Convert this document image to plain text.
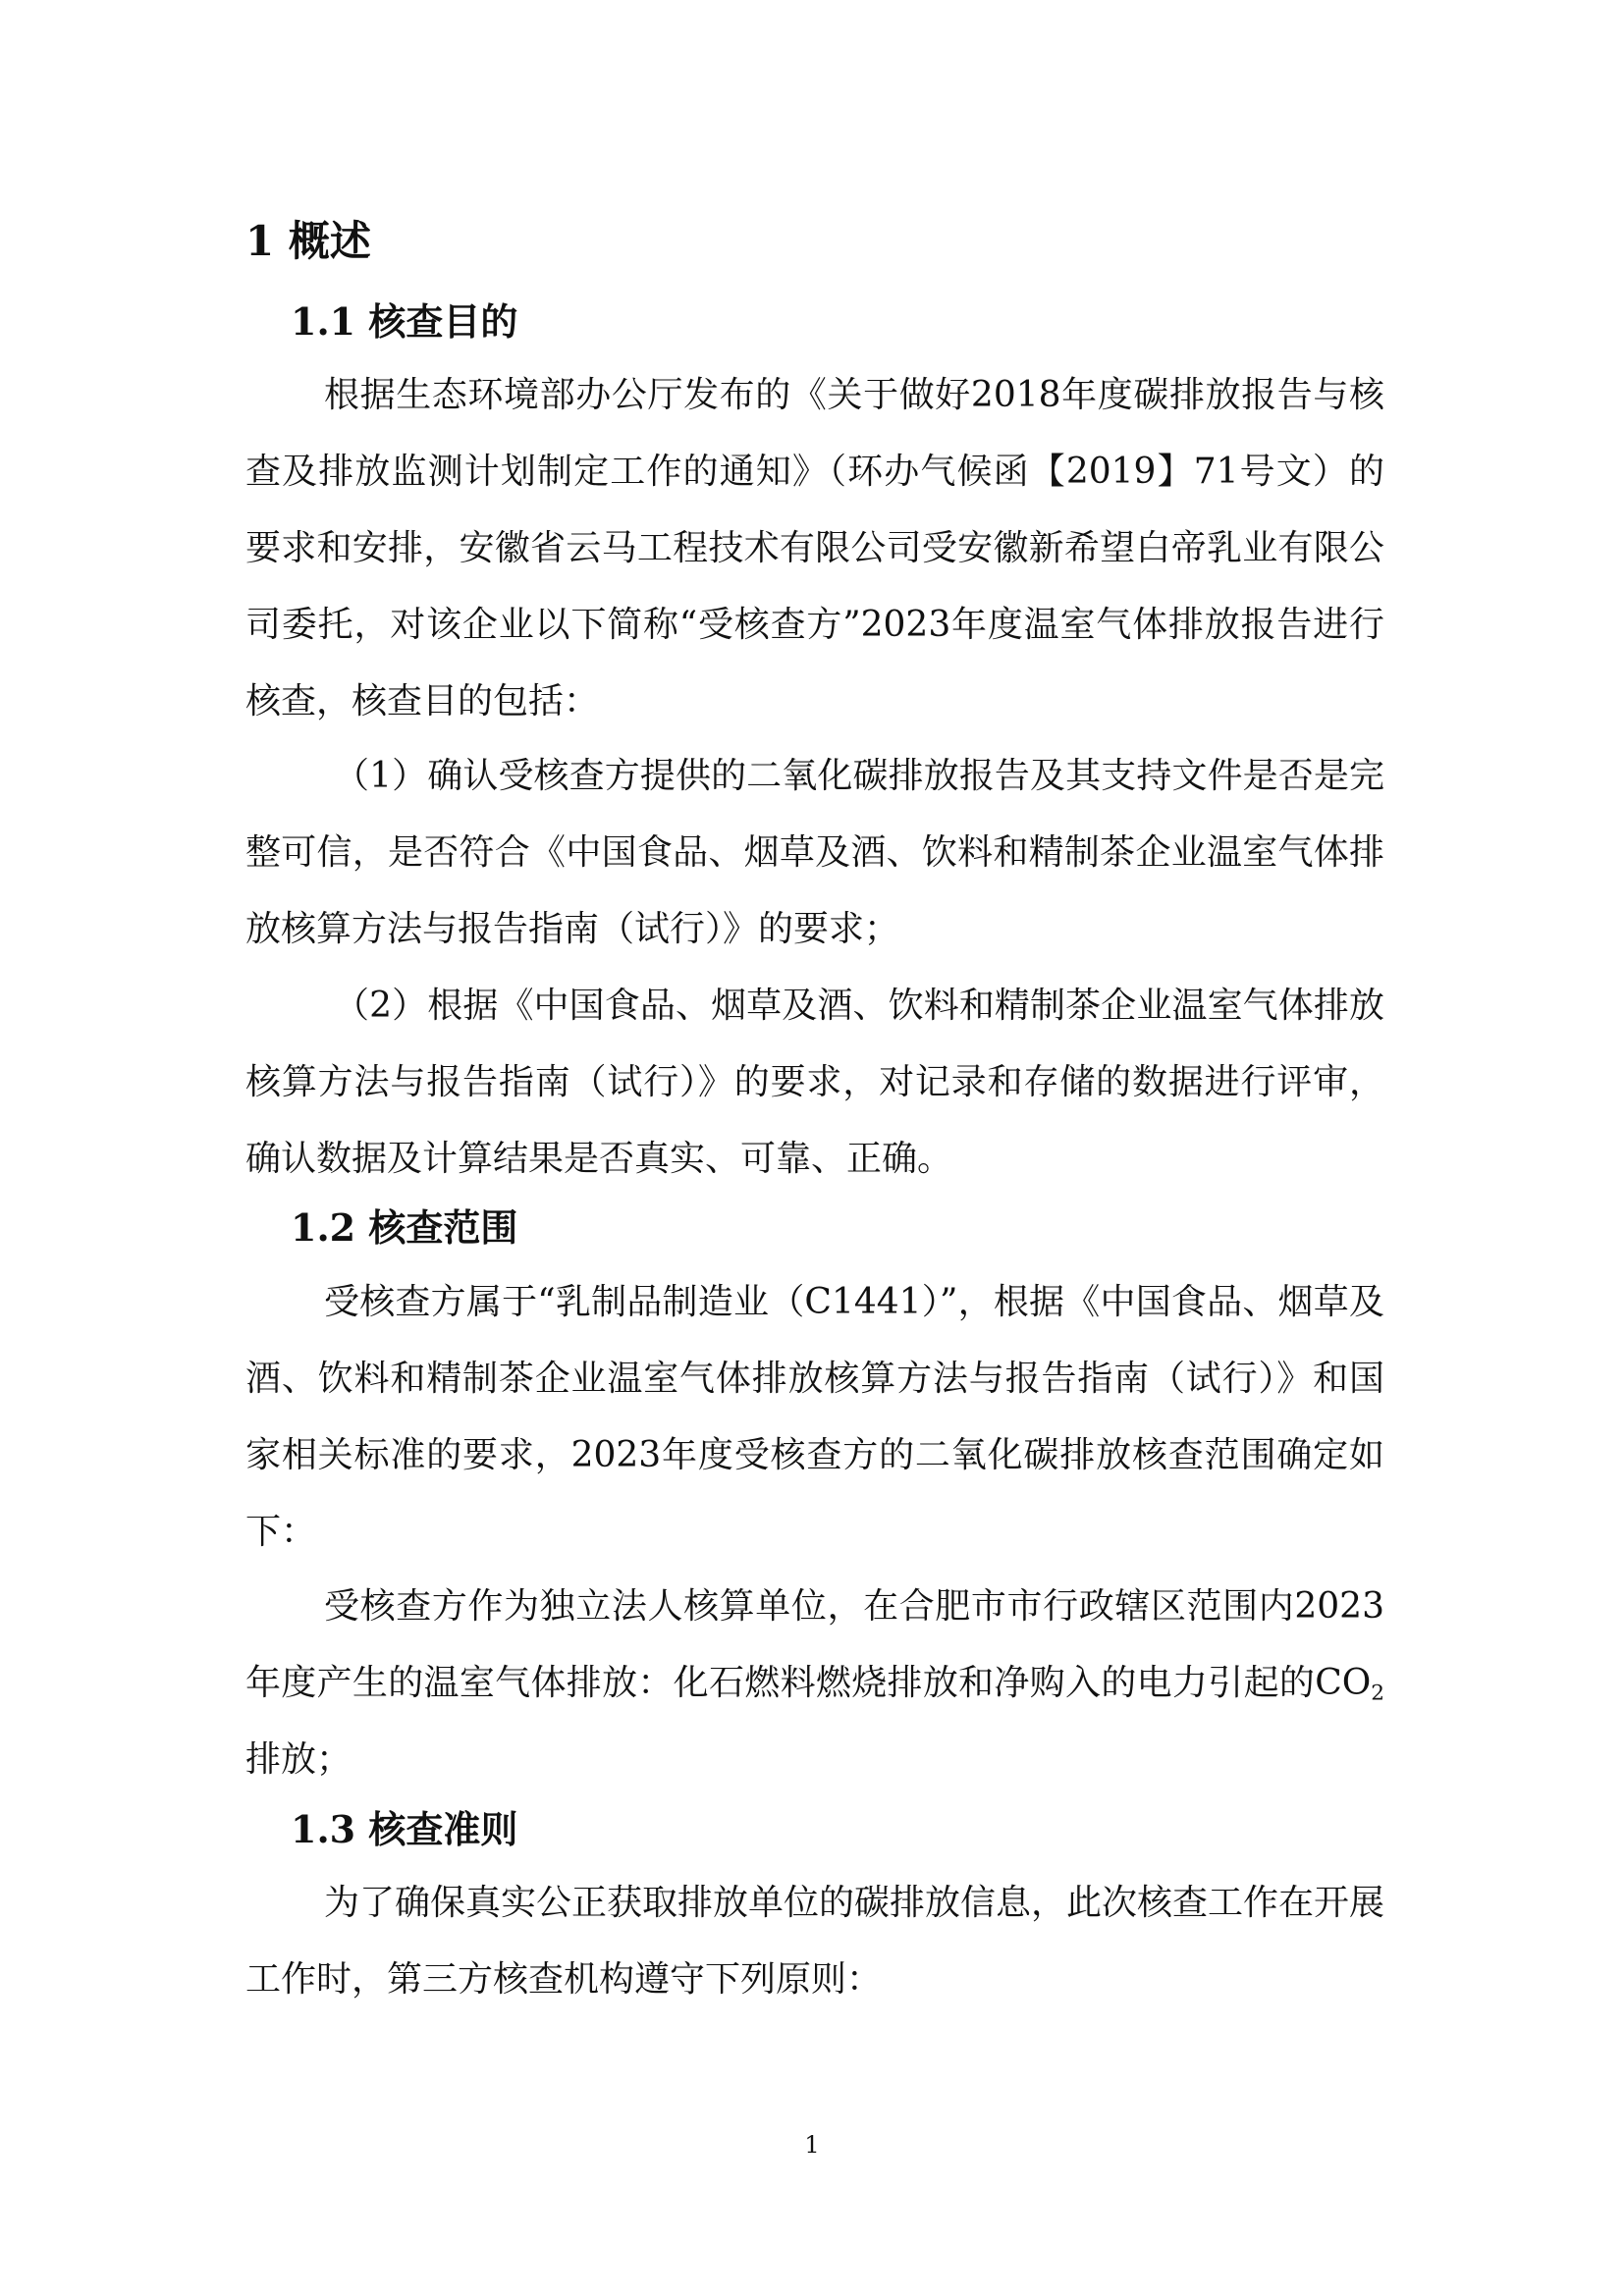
1 概述
1.1 核查目的

根据生态环境部办公厅发布的《关于做好2018年度碳排放报告与核查及排放监测计划制定工作的通知》（环办气候函【2019】71号文）的要求和安排，安徽省云马工程技术有限公司受安徽新希望白帝乳业有限公司委托，对该企业以下简称“受核查方”2023年度温室气体排放报告进行核查，核查目的包括：

（1）确认受核查方提供的二氧化碳排放报告及其支持文件是否是完整可信，是否符合《中国食品、烟草及酒、饮料和精制茶企业温室气体排放核算方法与报告指南（试行）》的要求；

（2）根据《中国食品、烟草及酒、饮料和精制茶企业温室气体排放核算方法与报告指南（试行）》的要求，对记录和存储的数据进行评审，确认数据及计算结果是否真实、可靠、正确。

1.2 核查范围

受核查方属于“乳制品制造业（C1441）”，根据《中国食品、烟草及酒、饮料和精制茶企业温室气体排放核算方法与报告指南（试行）》和国家相关标准的要求，2023年度受核查方的二氧化碳排放核查范围确定如下：

受核查方作为独立法人核算单位，在合肥市市行政辖区范围内2023年度产生的温室气体排放：化石燃料燃烧排放和净购入的电力引起的$CO_2$排放；

1.3 核查准则

为了确保真实公正获取排放单位的碳排放信息，此次核查工作在开展工作时，第三方核查机构遵守下列原则：

1
